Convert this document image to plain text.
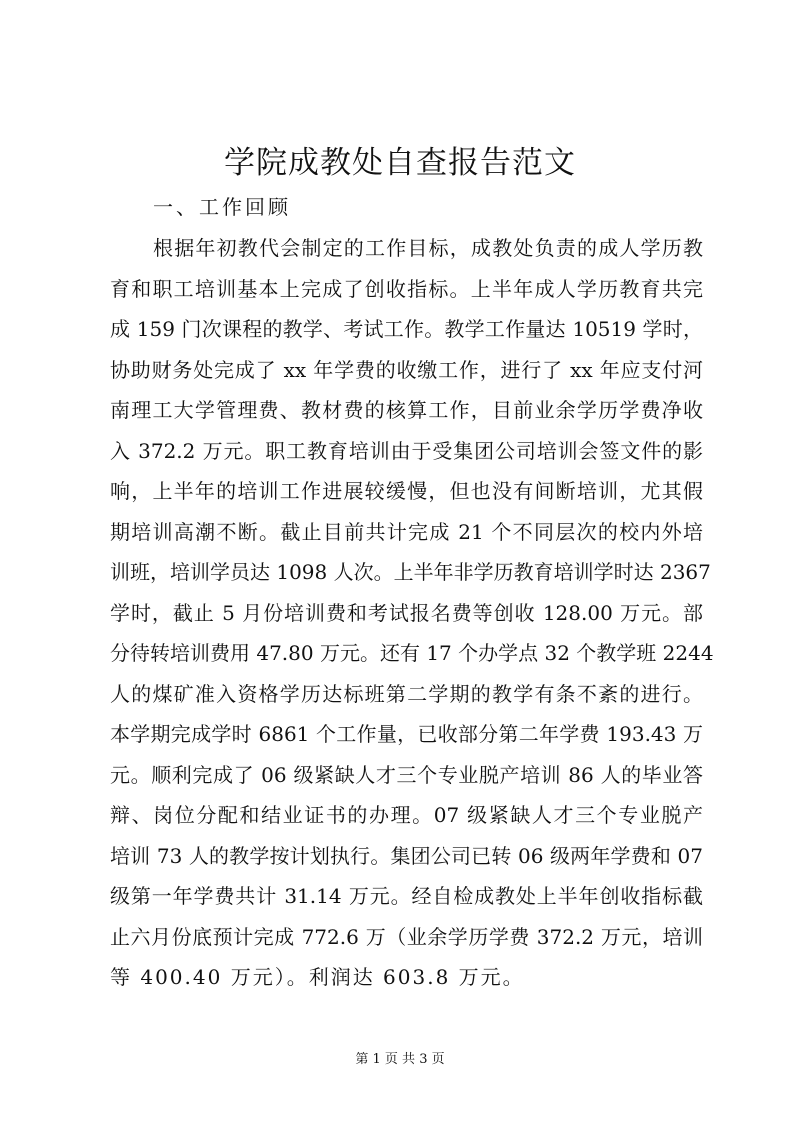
学院成教处自查报告范文
一、工作回顾
根据年初教代会制定的工作目标，成教处负责的成人学历教
育和职工培训基本上完成了创收指标。上半年成人学历教育共完
成 159 门次课程的教学、考试工作。教学工作量达 10519 学时，
协助财务处完成了 xx 年学费的收缴工作，进行了 xx 年应支付河
南理工大学管理费、教材费的核算工作，目前业余学历学费净收
入 372.2 万元。职工教育培训由于受集团公司培训会签文件的影
响，上半年的培训工作进展较缓慢，但也没有间断培训，尤其假
期培训高潮不断。截止目前共计完成 21 个不同层次的校内外培
训班，培训学员达 1098 人次。上半年非学历教育培训学时达 2367
学时，截止 5 月份培训费和考试报名费等创收 128.00 万元。部
分待转培训费用 47.80 万元。还有 17 个办学点 32 个教学班 2244
人的煤矿准入资格学历达标班第二学期的教学有条不紊的进行。
本学期完成学时 6861 个工作量，已收部分第二年学费 193.43 万
元。顺利完成了 06 级紧缺人才三个专业脱产培训 86 人的毕业答
辩、岗位分配和结业证书的办理。07 级紧缺人才三个专业脱产
培训 73 人的教学按计划执行。集团公司已转 06 级两年学费和 07
级第一年学费共计 31.14 万元。经自检成教处上半年创收指标截
止六月份底预计完成 772.6 万（业余学历学费 372.2 万元，培训
等 400.40 万元）。利润达 603.8 万元。
第 1 页 共 3 页
